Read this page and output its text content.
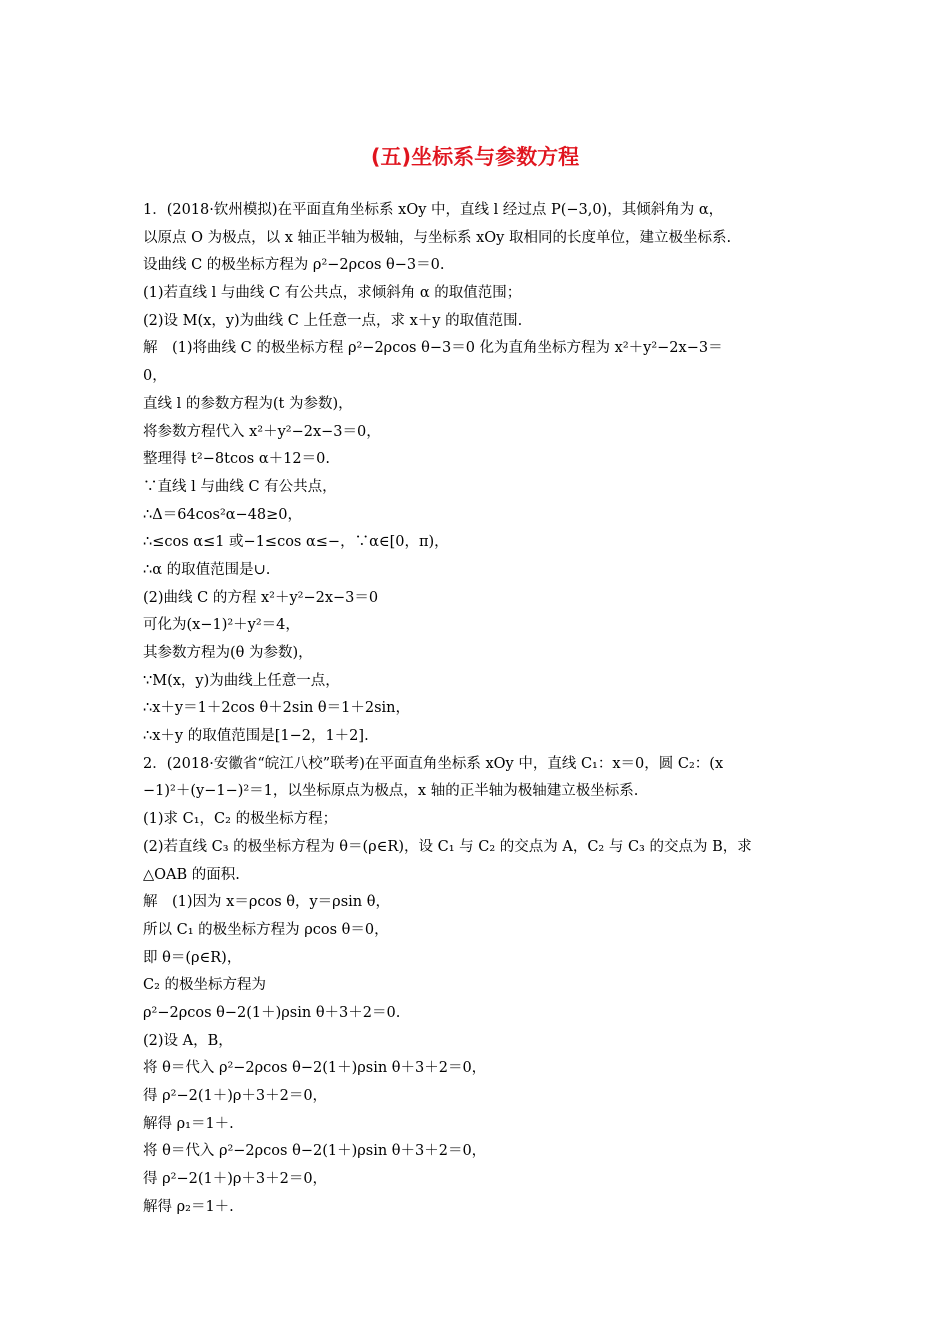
(五)坐标系与参数方程
1．(2018·钦州模拟)在平面直角坐标系 xOy 中，直线 l 经过点 P(−3,0)，其倾斜角为 α，
以原点 O 为极点，以 x 轴正半轴为极轴，与坐标系 xOy 取相同的长度单位，建立极坐标系.
设曲线 C 的极坐标方程为 ρ²−2ρcos θ−3＝0.
(1)若直线 l 与曲线 C 有公共点，求倾斜角 α 的取值范围；
(2)设 M(x，y)为曲线 C 上任意一点，求 x＋y 的取值范围.
解　(1)将曲线 C 的极坐标方程 ρ²−2ρcos θ−3＝0 化为直角坐标方程为 x²＋y²−2x−3＝
0，
直线 l 的参数方程为(t 为参数)，
将参数方程代入 x²＋y²−2x−3＝0，
整理得 t²−8tcos α＋12＝0.
∵直线 l 与曲线 C 有公共点，
∴Δ＝64cos²α−48≥0，
∴≤cos α≤1 或−1≤cos α≤−，∵α∈[0，π)，
∴α 的取值范围是∪.
(2)曲线 C 的方程 x²＋y²−2x−3＝0
可化为(x−1)²＋y²＝4，
其参数方程为(θ 为参数)，
∵M(x，y)为曲线上任意一点，
∴x＋y＝1＋2cos θ＋2sin θ＝1＋2sin，
∴x＋y 的取值范围是[1−2，1＋2].
2．(2018·安徽省“皖江八校”联考)在平面直角坐标系 xOy 中，直线 C₁：x＝0，圆 C₂：(x
−1)²＋(y−1−)²＝1，以坐标原点为极点，x 轴的正半轴为极轴建立极坐标系.
(1)求 C₁，C₂ 的极坐标方程；
(2)若直线 C₃ 的极坐标方程为 θ＝(ρ∈R)，设 C₁ 与 C₂ 的交点为 A，C₂ 与 C₃ 的交点为 B，求
△OAB 的面积.
解　(1)因为 x＝ρcos θ，y＝ρsin θ，
所以 C₁ 的极坐标方程为 ρcos θ＝0，
即 θ＝(ρ∈R)，
C₂ 的极坐标方程为
ρ²−2ρcos θ−2(1＋)ρsin θ＋3＋2＝0.
(2)设 A，B，
将 θ＝代入 ρ²−2ρcos θ−2(1＋)ρsin θ＋3＋2＝0，
得 ρ²−2(1＋)ρ＋3＋2＝0，
解得 ρ₁＝1＋.
将 θ＝代入 ρ²−2ρcos θ−2(1＋)ρsin θ＋3＋2＝0，
得 ρ²−2(1＋)ρ＋3＋2＝0，
解得 ρ₂＝1＋.
